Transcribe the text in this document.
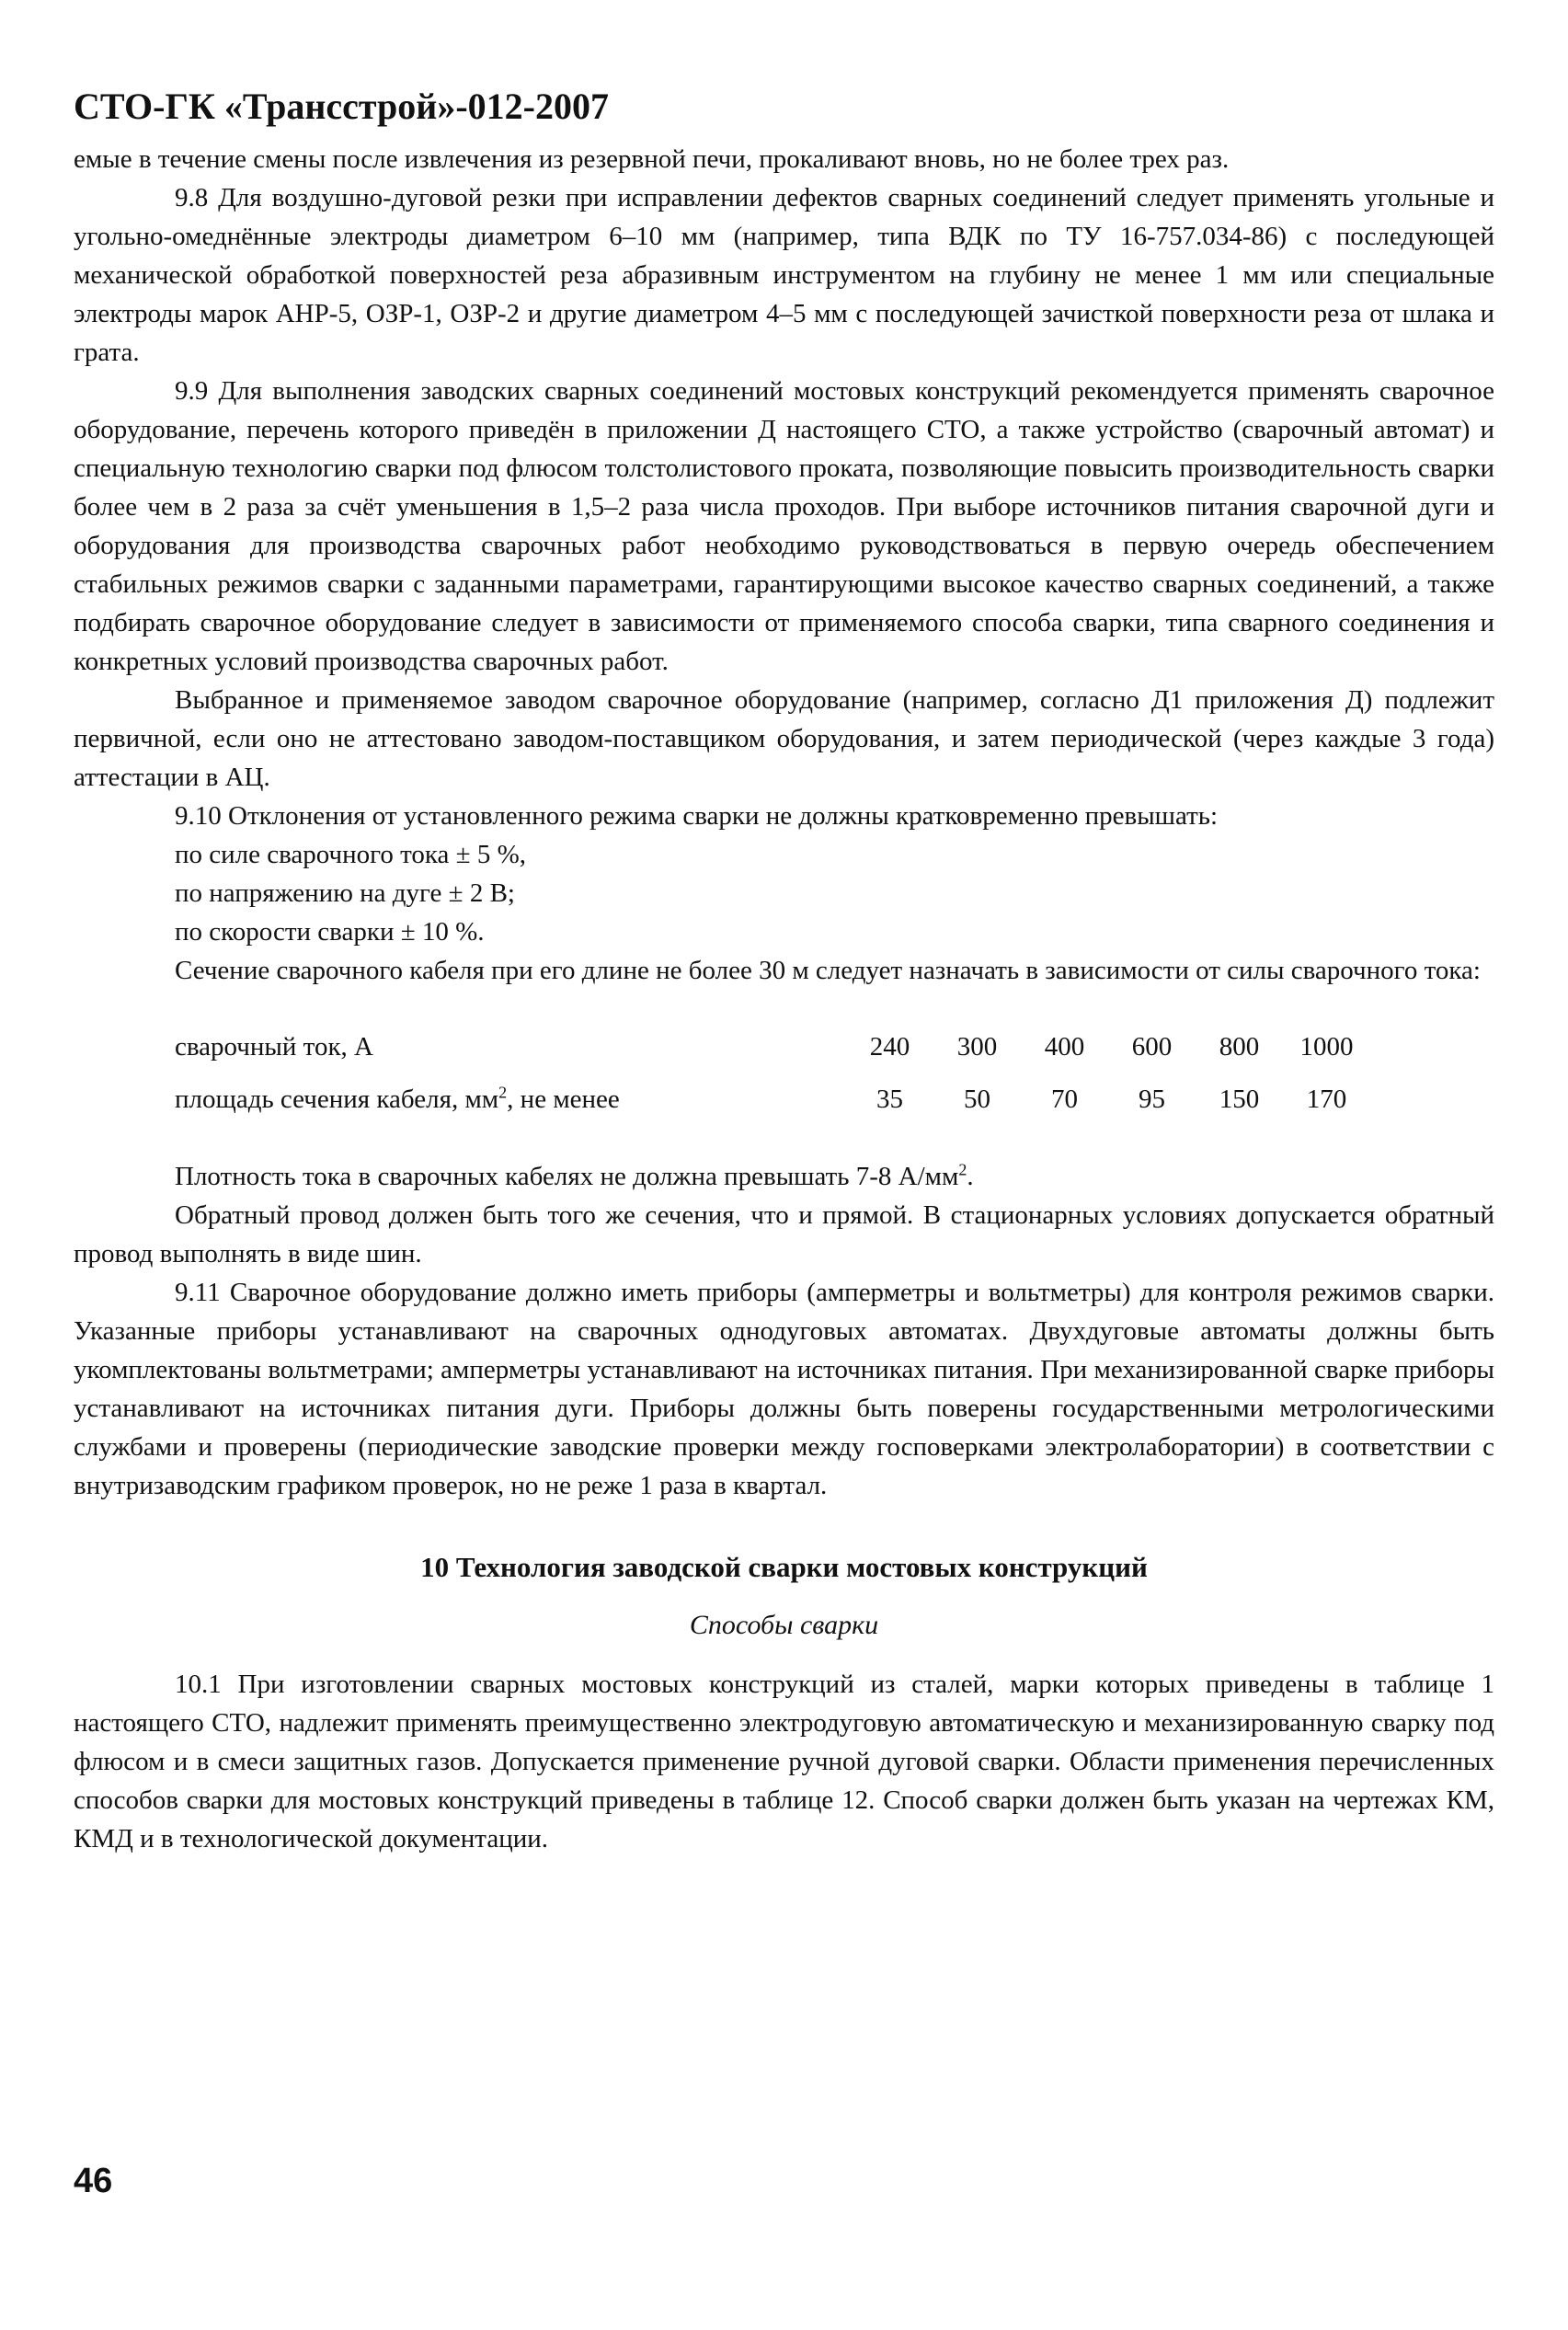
СТО-ГК «Трансстрой»-012-2007

емые в течение смены после извлечения из резервной печи, прокаливают вновь, но не более трех раз.

9.8 Для воздушно-дуговой резки при исправлении дефектов сварных соединений следует применять угольные и угольно-омеднённые электроды диаметром 6–10 мм (например, типа ВДК по ТУ 16-757.034-86) с последующей механической обработкой поверхностей реза абразивным инструментом на глубину не менее 1 мм или специальные электроды марок АНР-5, ОЗР-1, ОЗР-2 и другие диаметром 4–5 мм с последующей зачисткой поверхности реза от шлака и грата.

9.9 Для выполнения заводских сварных соединений мостовых конструкций рекомендуется применять сварочное оборудование, перечень которого приведён в приложении Д настоящего СТО, а также устройство (сварочный автомат) и специальную технологию сварки под флюсом толстолистового проката, позволяющие повысить производительность сварки более чем в 2 раза за счёт уменьшения в 1,5–2 раза числа проходов. При выборе источников питания сварочной дуги и оборудования для производства сварочных работ необходимо руководствоваться в первую очередь обеспечением стабильных режимов сварки с заданными параметрами, гарантирующими высокое качество сварных соединений, а также подбирать сварочное оборудование следует в зависимости от применяемого способа сварки, типа сварного соединения и конкретных условий производства сварочных работ.

Выбранное и применяемое заводом сварочное оборудование (например, согласно Д1 приложения Д) подлежит первичной, если оно не аттестовано заводом-поставщиком оборудования, и затем периодической (через каждые 3 года) аттестации в АЦ.

9.10 Отклонения от установленного режима сварки не должны кратковременно превышать:

по силе сварочного тока ± 5 %,

по напряжению на дуге ± 2 В;

по скорости сварки ± 10 %.

Сечение сварочного кабеля при его длине не более 30 м следует назначать в зависимости от силы сварочного тока:

сварочный ток, А	240	300	400	600	800	1000
площадь сечения кабеля, $мм^2$, не менее	35	50	70	95	150	170

Плотность тока в сварочных кабелях не должна превышать 7-8 $А/мм^2$.

Обратный провод должен быть того же сечения, что и прямой. В стационарных условиях допускается обратный провод выполнять в виде шин.

9.11 Сварочное оборудование должно иметь приборы (амперметры и вольтметры) для контроля режимов сварки. Указанные приборы устанавливают на сварочных однодуговых автоматах. Двухдуговые автоматы должны быть укомплектованы вольтметрами; амперметры устанавливают на источниках питания. При механизированной сварке приборы устанавливают на источниках питания дуги. Приборы должны быть поверены государственными метрологическими службами и проверены (периодические заводские проверки между госповерками электролаборатории) в соответствии с внутризаводским графиком проверок, но не реже 1 раза в квартал.

10 Технология заводской сварки мостовых конструкций
Способы сварки

10.1 При изготовлении сварных мостовых конструкций из сталей, марки которых приведены в таблице 1 настоящего СТО, надлежит применять преимущественно электродуговую автоматическую и механизированную сварку под флюсом и в смеси защитных газов. Допускается применение ручной дуговой сварки. Области применения перечисленных способов сварки для мостовых конструкций приведены в таблице 12. Способ сварки должен быть указан на чертежах КМ, КМД и в технологической документации.

46
